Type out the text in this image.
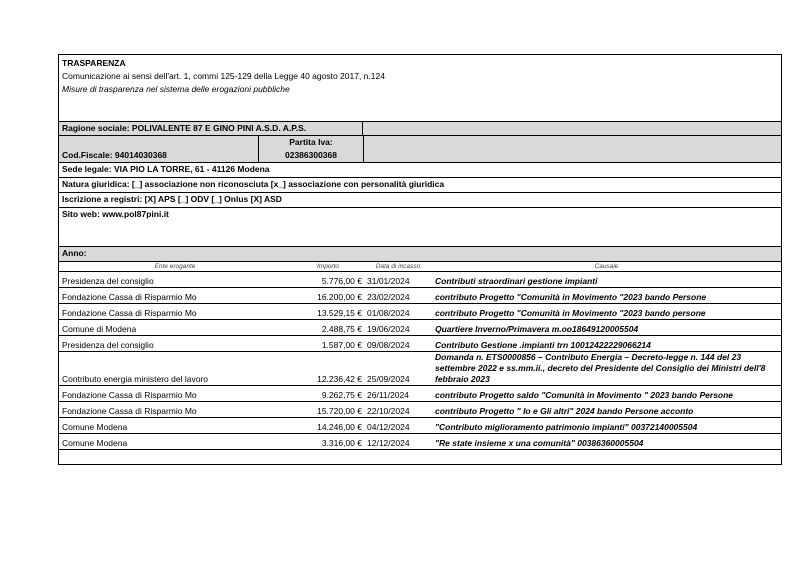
TRASPARENZA
Comunicazione ai sensi dell'art. 1, commi 125-129 della Legge 40 agosto 2017, n.124
Misure di trasparenza nel sistema delle erogazioni pubbliche
Ragione sociale: POLIVALENTE 87 E GINO PINI A.S.D. A.P.S.
Cod.Fiscale: 94014030368
Partita Iva:
02386300368
Sede legale: VIA PIO LA TORRE, 61 - 41126 Modena
Natura giuridica: [_] associazione non riconosciuta [x_] associazione con personalità giuridica
Iscrizione a registri: [X] APS [_] ODV [_] Onlus [X] ASD
Sito web: www.pol87pini.it
Anno:
Ente erogante	Importo	Data di incasso	Causale
Presidenza del consiglio	5.776,00 €	31/01/2024	Contributi straordinari gestione impianti
Fondazione Cassa di Risparmio Mo	16.200,00 €	23/02/2024	contributo Progetto "Comunità in Movimento "2023 bando Persone
Fondazione Cassa di Risparmio Mo	13.529,15 €	01/08/2024	contributo Progetto "Comunità in Movimento "2023 bando persone
Comune di Modena	2.488,75 €	19/06/2024	Quartiere Inverno/Primavera m.oo18649120005504
Presidenza del consiglio	1.587,00 €	09/08/2024	Contributo Gestione .impianti trn 10012422229066214
Contributo energia ministero del lavoro	12.236,42 €	25/09/2024	Domanda n. ETS0000856 – Contributo Energia – Decreto-legge n. 144 del 23 settembre 2022 e ss.mm.ii., decreto del Presidente del Consiglio dei Ministri dell'8 febbraio 2023
Fondazione Cassa di Risparmio Mo	9.262,75 €	26/11/2024	contributo Progetto saldo "Comunità in Movimento " 2023 bando Persone
Fondazione Cassa di Risparmio Mo	15.720,00 €	22/10/2024	contributo Progetto " Io e Gli altri" 2024 bando Persone acconto
Comune Modena	14.246,00 €	04/12/2024	"Contributo miglioramento patrimonio impianti" 00372140005504
Comune Modena	3.316,00 €	12/12/2024	"Re state insieme x una comunità" 00386360005504
